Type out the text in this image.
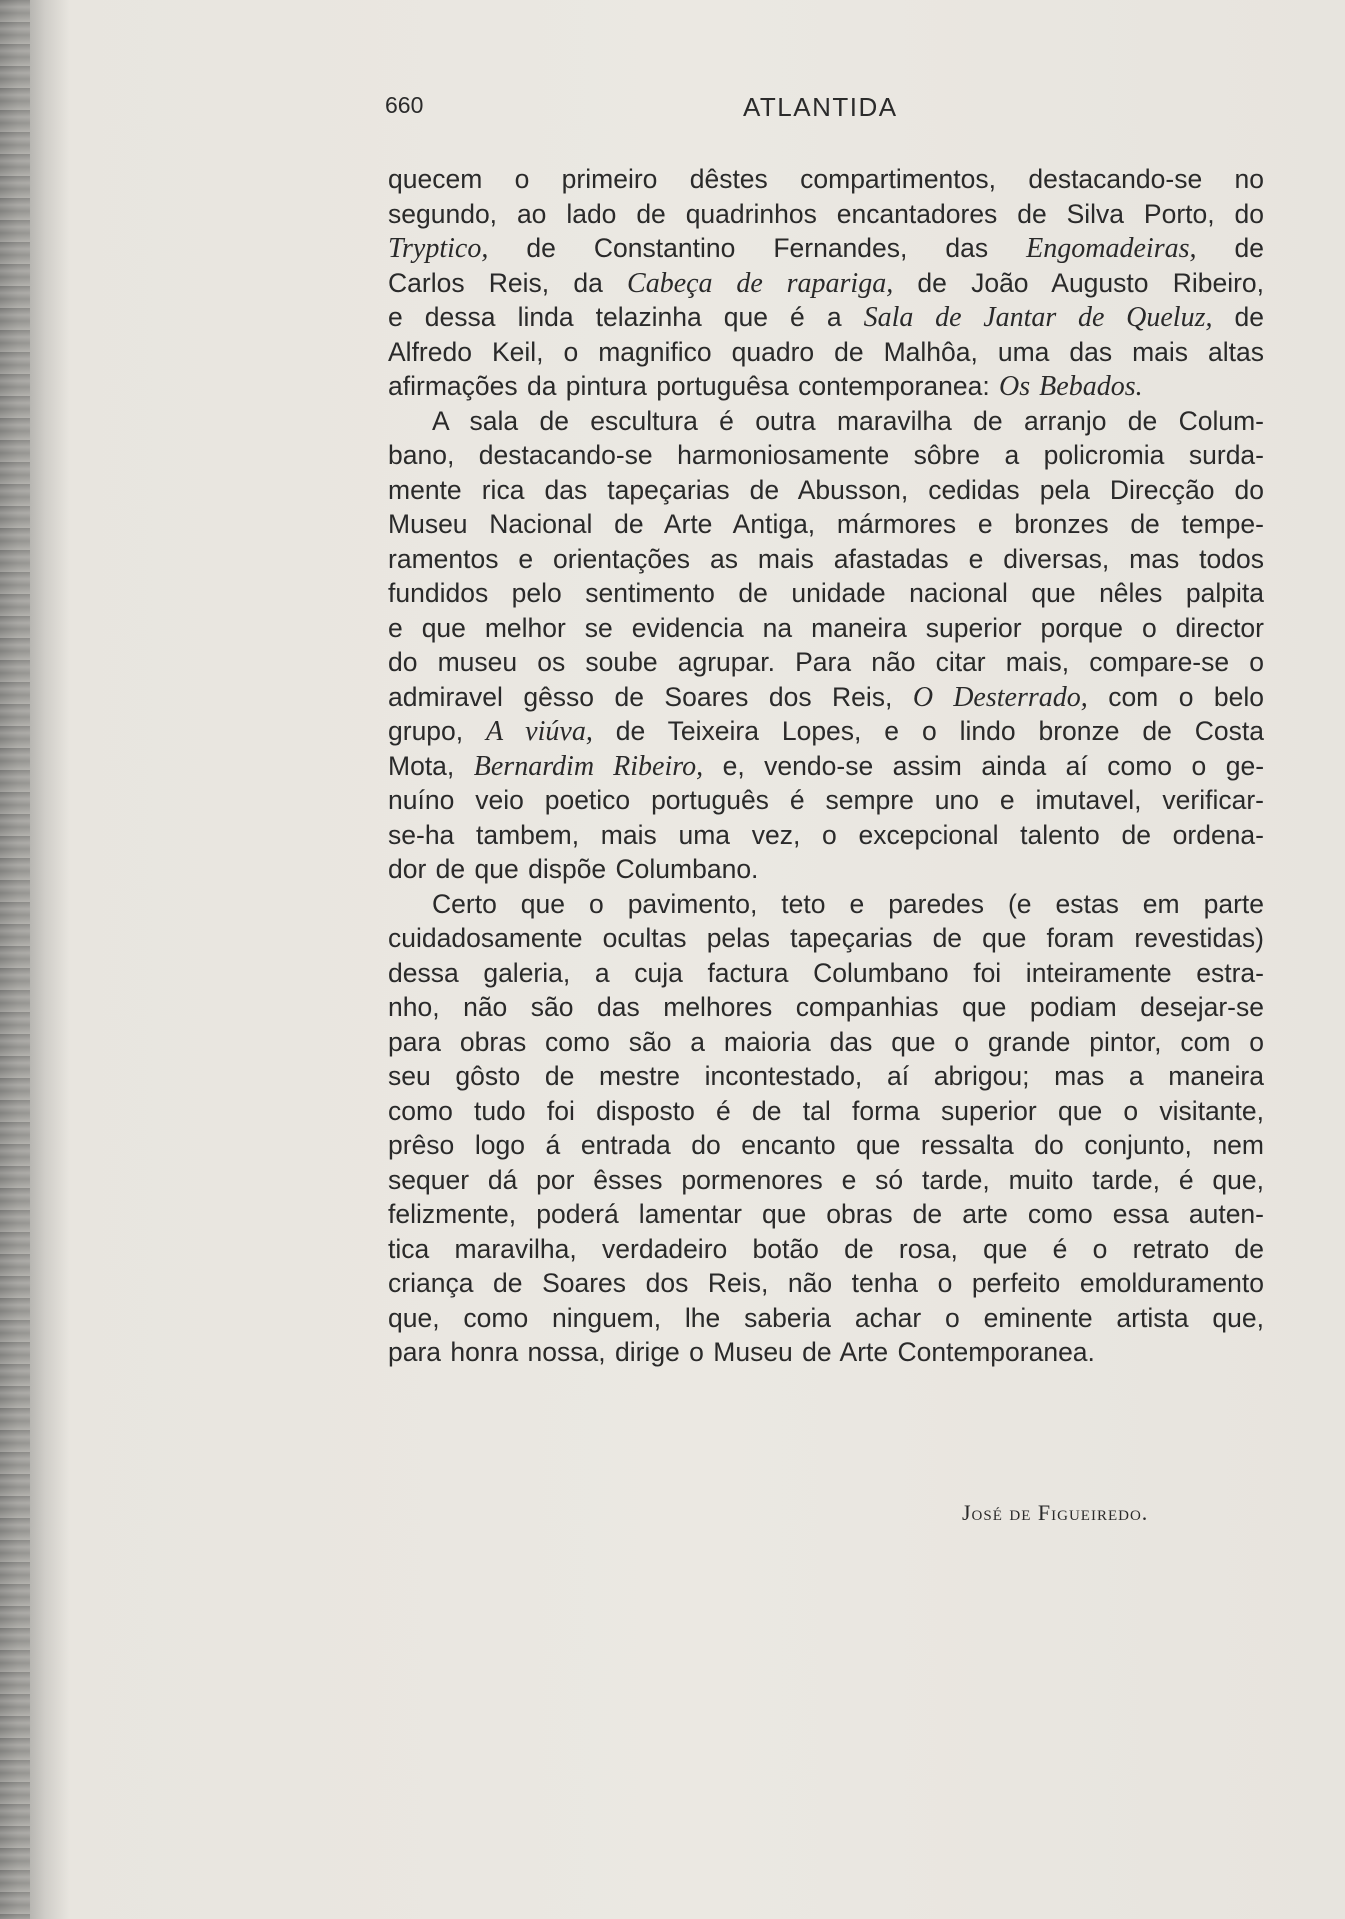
660	ATLANTIDA
quecem o primeiro dêstes compartimentos, destacando-se no
segundo, ao lado de quadrinhos encantadores de Silva Porto, do
Tryptico, de Constantino Fernandes, das Engomadeiras, de
Carlos Reis, da Cabeça de rapariga, de João Augusto Ribeiro,
e dessa linda telazinha que é a Sala de Jantar de Queluz, de
Alfredo Keil, o magnifico quadro de Malhôa, uma das mais altas
afirmações da pintura portuguêsa contemporanea: Os Bebados.
A sala de escultura é outra maravilha de arranjo de Colum-
bano, destacando-se harmoniosamente sôbre a policromia surda-
mente rica das tapeçarias de Abusson, cedidas pela Direcção do
Museu Nacional de Arte Antiga, mármores e bronzes de tempe-
ramentos e orientações as mais afastadas e diversas, mas todos
fundidos pelo sentimento de unidade nacional que nêles palpita
e que melhor se evidencia na maneira superior porque o director
do museu os soube agrupar. Para não citar mais, compare-se o
admiravel gêsso de Soares dos Reis, O Desterrado, com o belo
grupo, A viúva, de Teixeira Lopes, e o lindo bronze de Costa
Mota, Bernardim Ribeiro, e, vendo-se assim ainda aí como o ge-
nuíno veio poetico português é sempre uno e imutavel, verificar-
se-ha tambem, mais uma vez, o excepcional talento de ordena-
dor de que dispõe Columbano.
Certo que o pavimento, teto e paredes (e estas em parte
cuidadosamente ocultas pelas tapeçarias de que foram revestidas)
dessa galeria, a cuja factura Columbano foi inteiramente estra-
nho, não são das melhores companhias que podiam desejar-se
para obras como são a maioria das que o grande pintor, com o
seu gôsto de mestre incontestado, aí abrigou; mas a maneira
como tudo foi disposto é de tal forma superior que o visitante,
prêso logo á entrada do encanto que ressalta do conjunto, nem
sequer dá por êsses pormenores e só tarde, muito tarde, é que,
felizmente, poderá lamentar que obras de arte como essa auten-
tica maravilha, verdadeiro botão de rosa, que é o retrato de
criança de Soares dos Reis, não tenha o perfeito emolduramento
que, como ninguem, lhe saberia achar o eminente artista que,
para honra nossa, dirige o Museu de Arte Contemporanea.
José de Figueiredo.
